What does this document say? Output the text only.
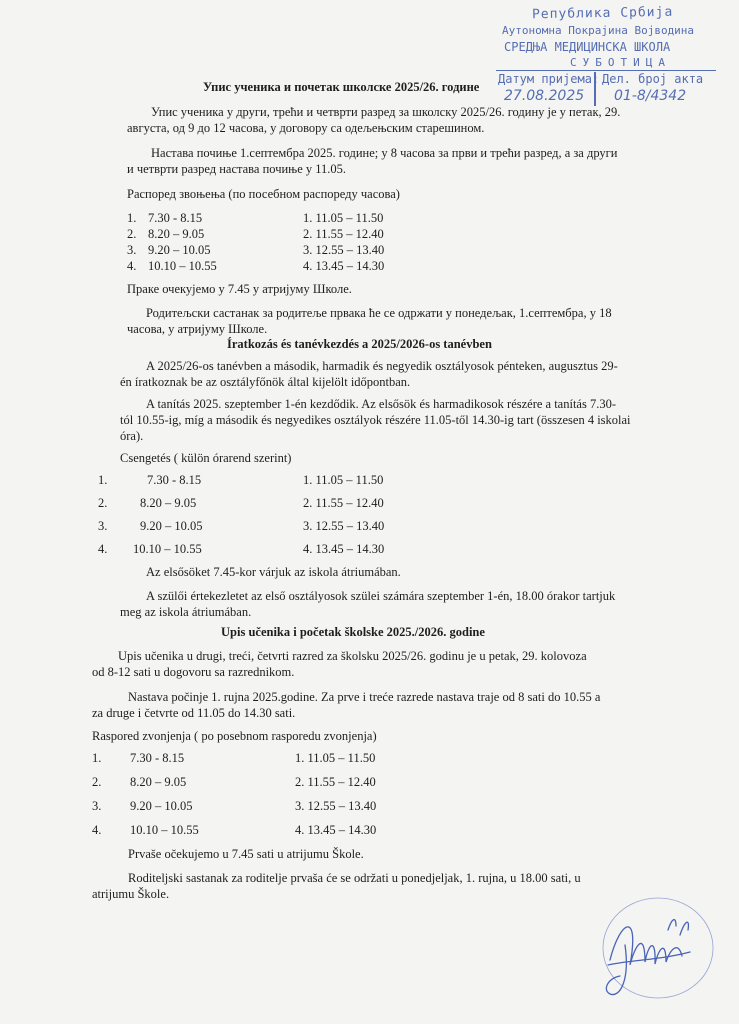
Република Србија
Аутономна Покрајина Војводина
СРЕДЊА МЕДИЦИНСКА ШКОЛА
СУБОТИЦА
Датум пријема: Дел. број акта
27.08.2025 01-8/4342
Упис ученика и почетак школске 2025/26. године
Упис ученика у други, трећи и четврти разред за школску 2025/26. годину је у петак, 29.
августа, од 9 до 12 часова, у договору са одељењским старешином.
Настава почиње 1.септембра 2025. године; у 8 часова за први и трећи разред, а за други
и четврти разред настава почиње у 11.05.
Распоред звоњења (по посебном распореду часова)
1. 7.30 - 8.15	1. 11.05 – 11.50
2. 8.20 – 9.05	2. 11.55 – 12.40
3. 9.20 – 10.05	3. 12.55 – 13.40
4. 10.10 – 10.55	4. 13.45 – 14.30
Праке очекујемо у 7.45 у атријуму Школе.
Родитељски састанак за родитеље првака ће се одржати у понедељак, 1.септембра, у 18
часова, у атријуму Школе.
Íratkozás és tanévkezdés a 2025/2026-os tanévben
A 2025/26-os tanévben a második, harmadik és negyedik osztályosok pénteken, augusztus 29-
én íratkoznak be az osztályfőnök által kijelölt időpontban.
A tanítás 2025. szeptember 1-én kezdődik. Az elsősök és harmadikosok részére a tanítás 7.30-
tól 10.55-ig, míg a második és negyedikes osztályok részére 11.05-től 14.30-ig tart (összesen 4 iskolai
óra).
Csengetés ( külön órarend szerint)
1.	7.30 - 8.15	1. 11.05 – 11.50
2.	8.20 – 9.05	2. 11.55 – 12.40
3.	9.20 – 10.05	3. 12.55 – 13.40
4. 10.10 – 10.55	4. 13.45 – 14.30
Az elsősöket 7.45-kor várjuk az iskola átriumában.
A szülői értekezletet az első osztályosok szülei számára szeptember 1-én, 18.00 órakor tartjuk
meg az iskola átriumában.
Upis učenika i početak školske 2025./2026. godine
Upis učenika u drugi, treći, četvrti razred za školsku 2025/26. godinu je u petak, 29. kolovoza
od 8-12 sati u dogovoru sa razrednikom.
Nastava počinje 1. rujna 2025.godine. Za prve i treće razrede nastava traje od 8 sati do 10.55 a
za druge i četvrte od 11.05 do 14.30 sati.
Raspored zvonjenja ( po posebnom rasporedu zvonjenja)
1. 7.30 - 8.15	1. 11.05 – 11.50
2. 8.20 – 9.05	2. 11.55 – 12.40
3. 9.20 – 10.05	3. 12.55 – 13.40
4. 10.10 – 10.55	4. 13.45 – 14.30
Prvaše očekujemo u 7.45 sati u atrijumu Škole.
Roditeljski sastanak za roditelje prvaša će se održati u ponedjeljak, 1. rujna, u 18.00 sati, u
atrijumu Škole.
